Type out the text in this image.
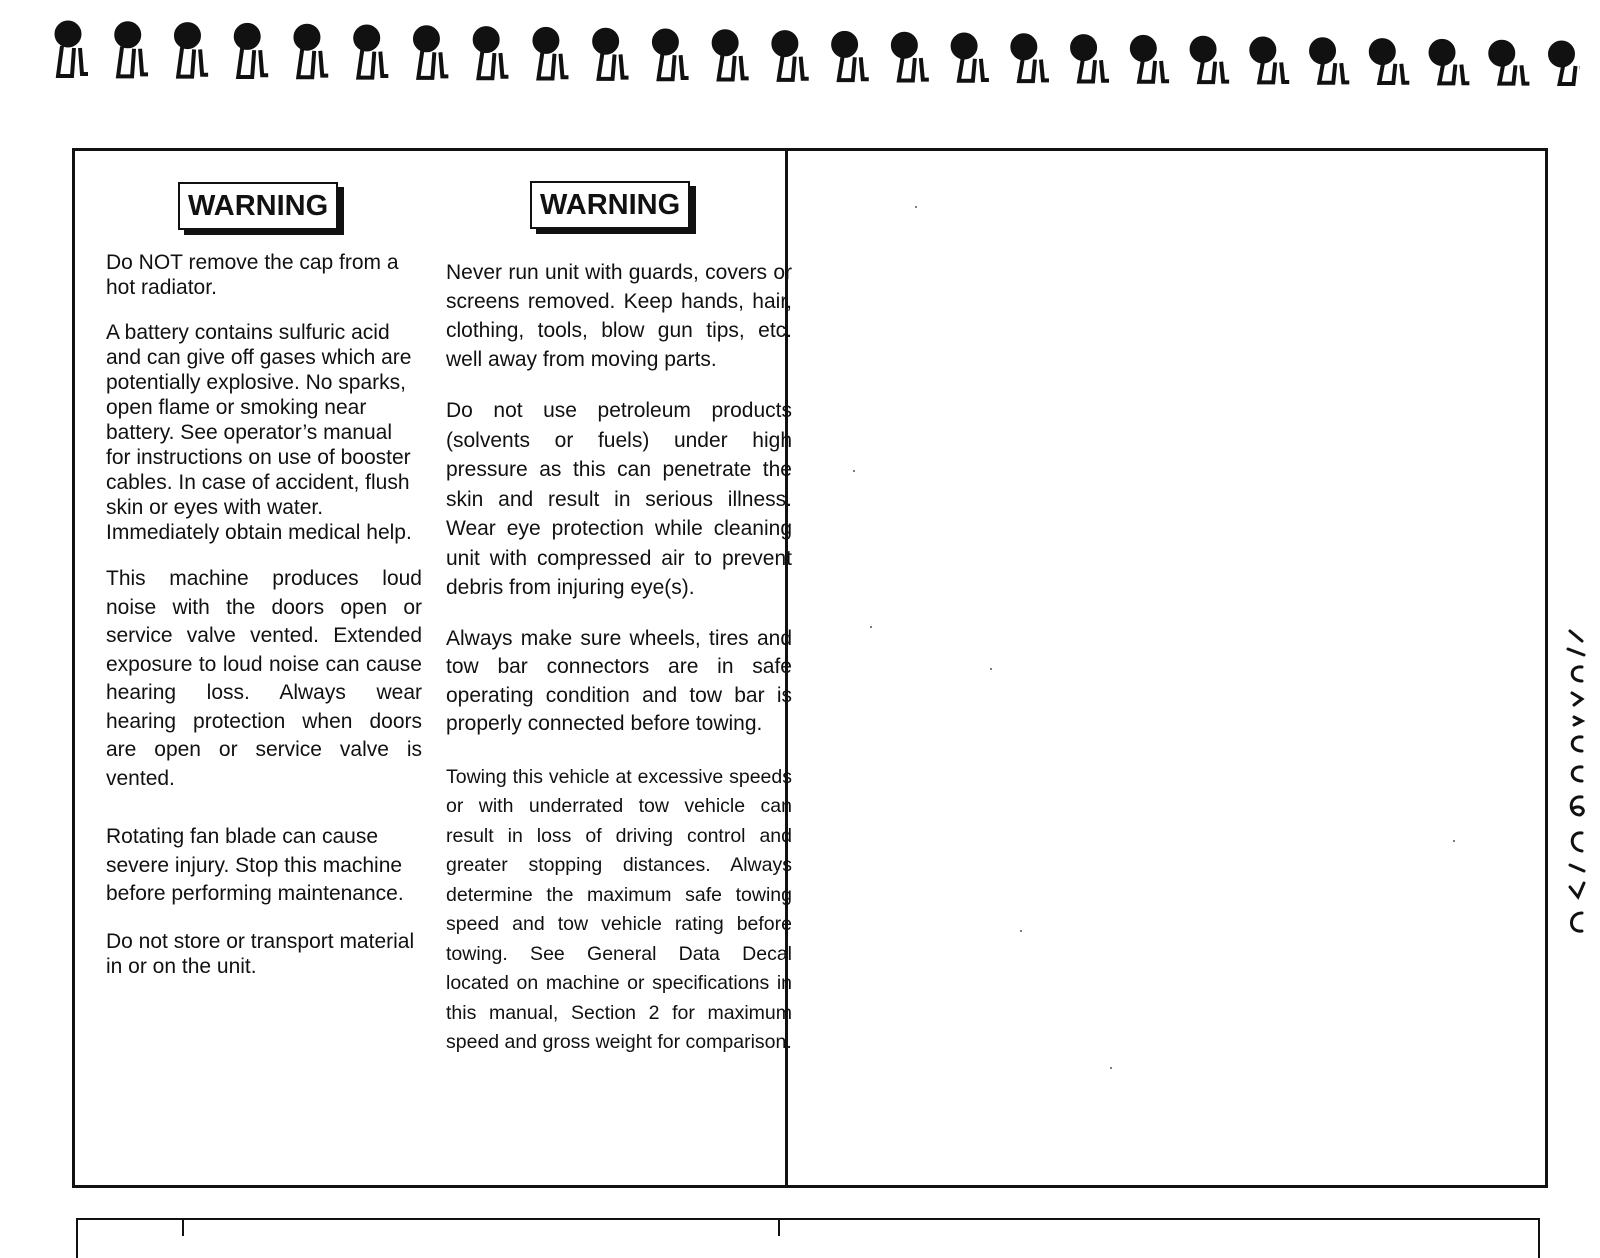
WARNING	WARNING

Do NOT remove the cap from a hot radiator.

A battery contains sulfuric acid and can give off gases which are potentially explosive. No sparks, open flame or smoking near battery. See operator’s manual for instructions on use of booster cables. In case of accident, flush skin or eyes with water. Immediately obtain medical help.

This machine produces loud noise with the doors open or service valve vented. Extended exposure to loud noise can cause hearing loss. Always wear hearing protection when doors are open or service valve is vented.

Rotating fan blade can cause severe injury. Stop this machine before performing maintenance.

Do not store or transport material in or on the unit.

Never run unit with guards, covers or screens removed. Keep hands, hair, clothing, tools, blow gun tips, etc. well away from moving parts.

Do not use petroleum products (solvents or fuels) under high pressure as this can penetrate the skin and result in serious illness. Wear eye protection while cleaning unit with compressed air to prevent debris from injuring eye(s).

Always make sure wheels, tires and tow bar connectors are in safe operating condition and tow bar is properly connected before towing.

Towing this vehicle at excessive speeds or with underrated tow vehicle can result in loss of driving control and greater stopping distances. Always determine the maximum safe towing speed and tow vehicle rating before towing. See General Data Decal located on machine or specifications in this manual, Section 2 for maximum speed and gross weight for comparison.
